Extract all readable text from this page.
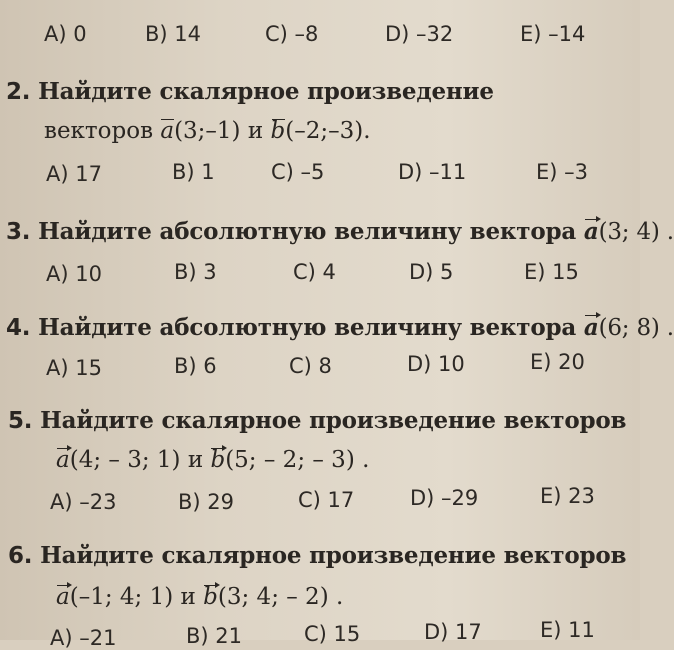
A) 0	B) 14	C) –8	D) –32	E) –14
2. Найдите скалярное произведение
векторов a(3;–1) и b(–2;–3).
A) 17	B) 1	C) –5	D) –11	E) –3
3. Найдите абсолютную величину вектора a(3; 4) .
A) 10	B) 3	C) 4	D) 5	E) 15
4. Найдите абсолютную величину вектора a(6; 8) .
A) 15	B) 6	C) 8	D) 10	E) 20
5. Найдите скалярное произведение векторов
a(4; – 3; 1) и b(5; – 2; – 3) .
A) –23	B) 29	C) 17	D) –29	E) 23
6. Найдите скалярное произведение векторов
a(–1; 4; 1) и b(3; 4; – 2) .
A) –21	B) 21	C) 15	D) 17	E) 11
